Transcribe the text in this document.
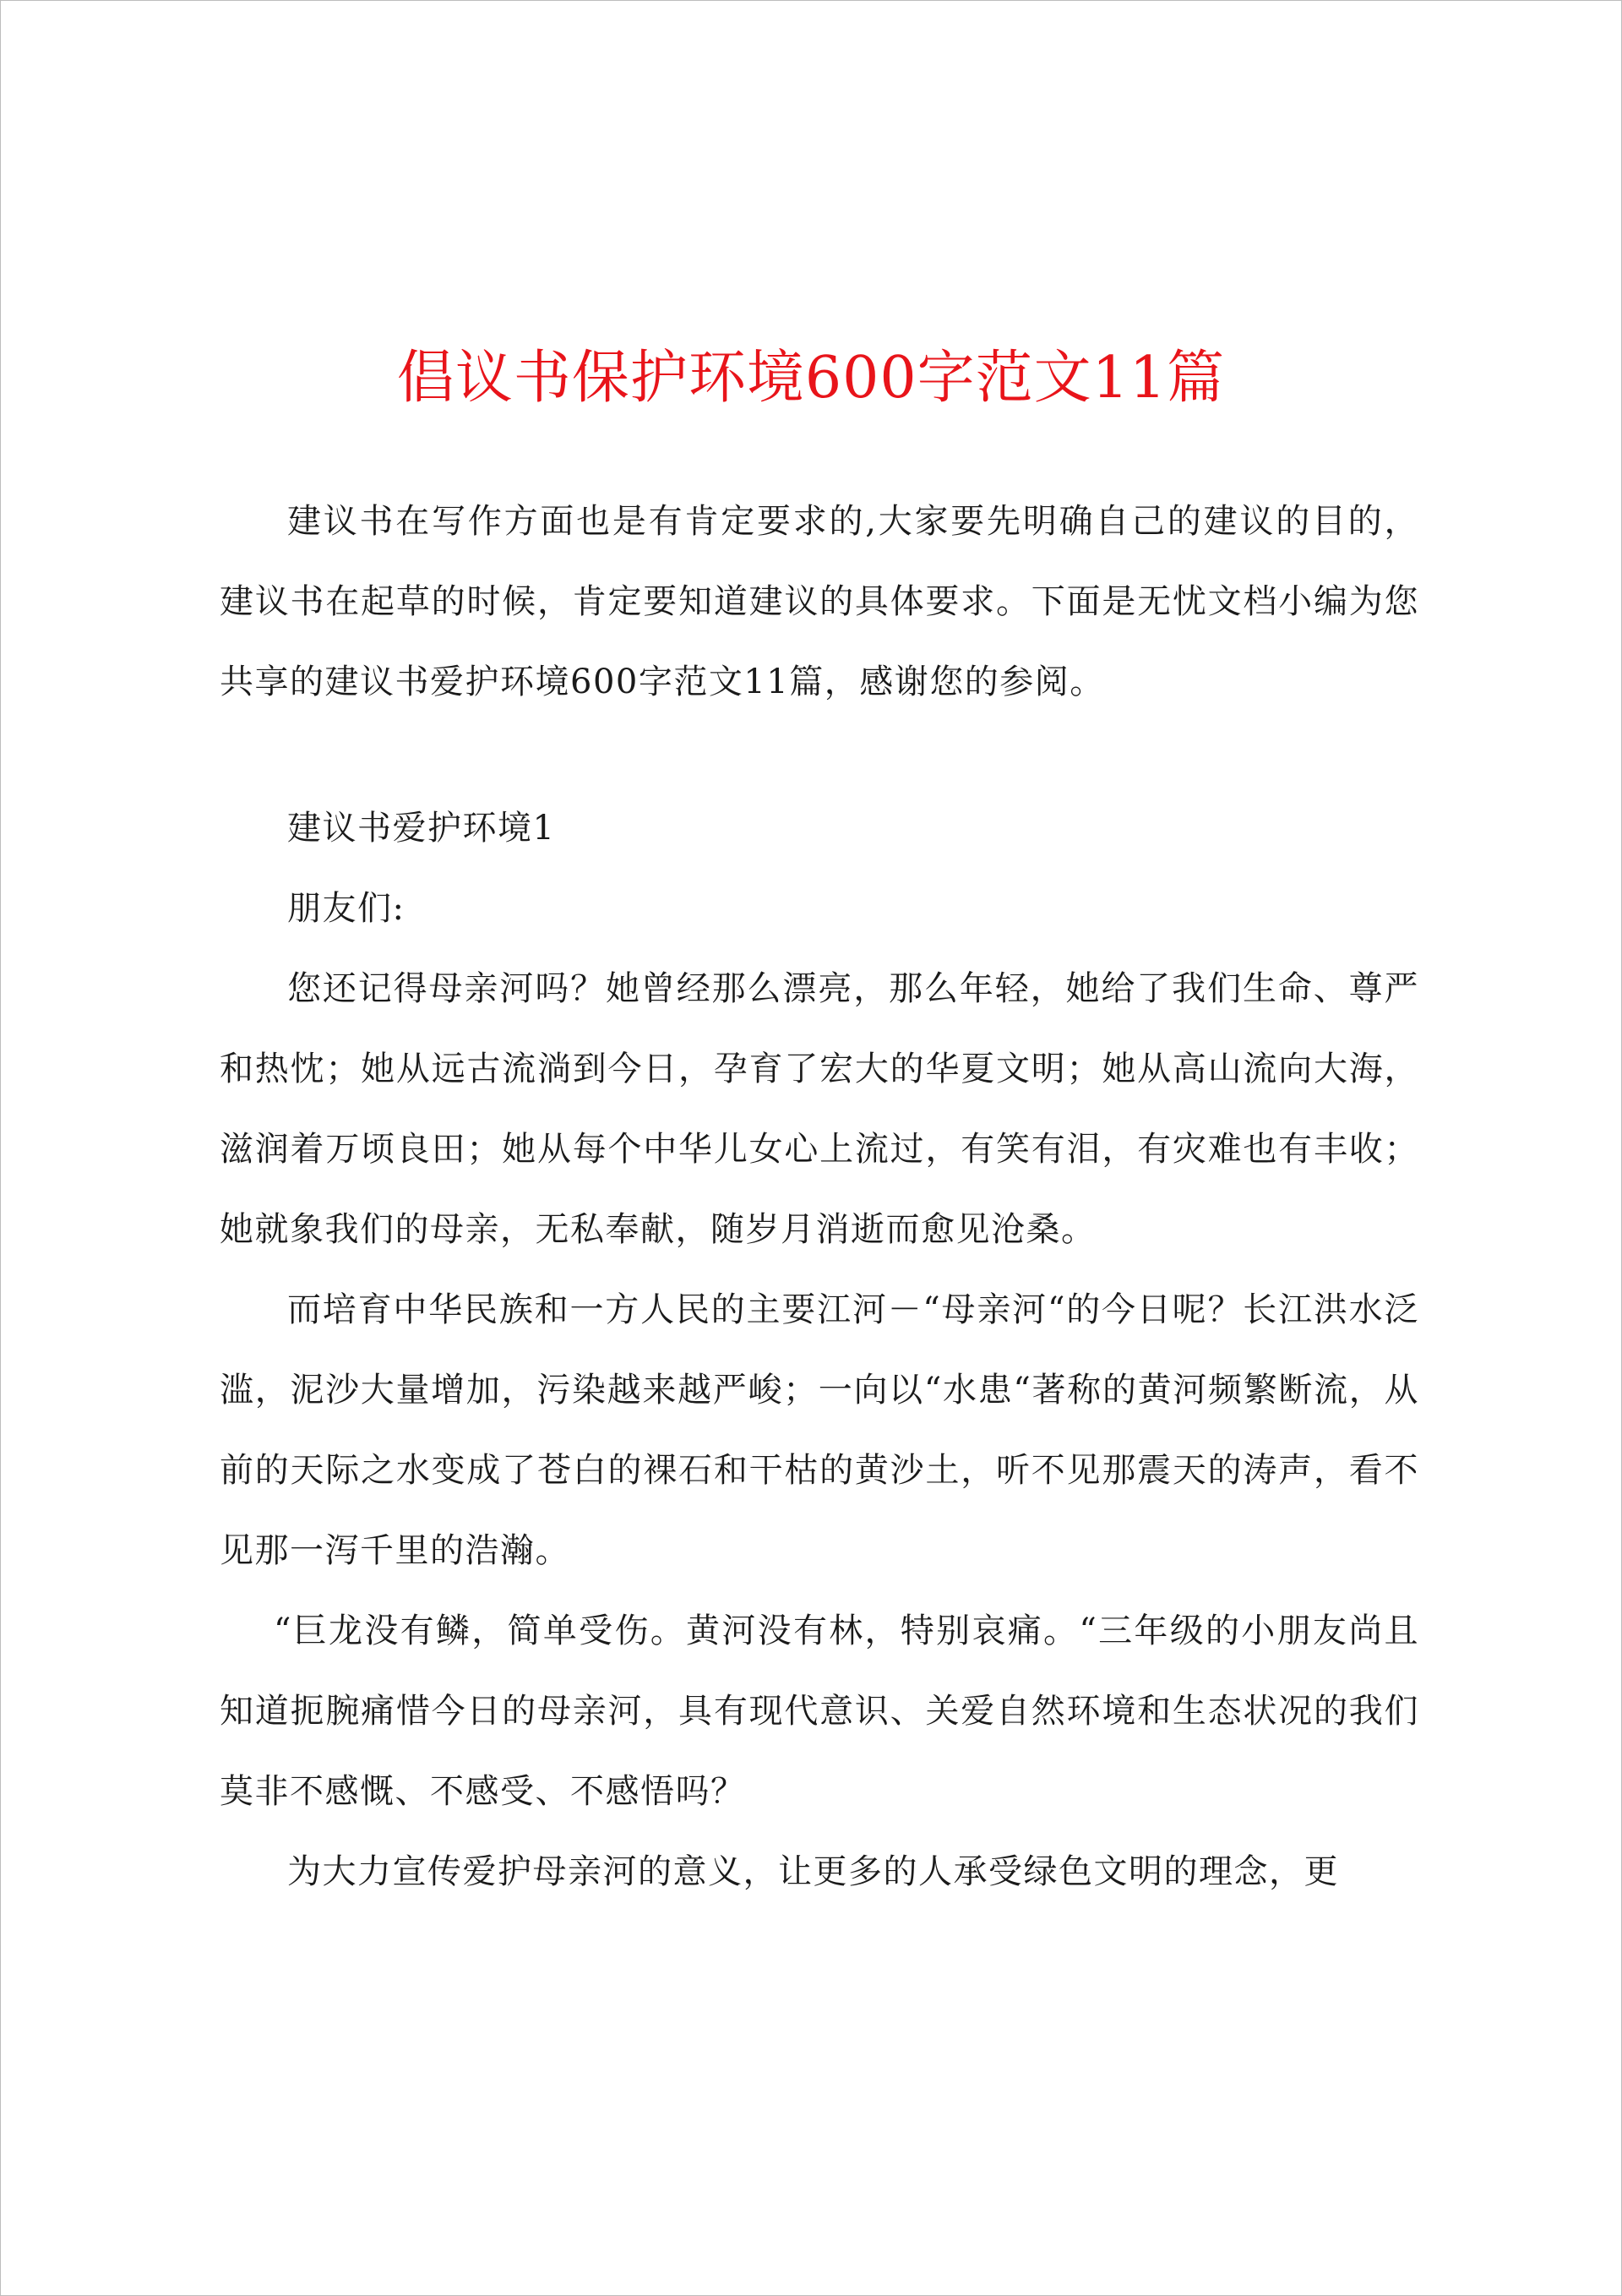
倡议书保护环境600字范文11篇

建议书在写作方面也是有肯定要求的,大家要先明确自己的建议的目的，建议书在起草的时候，肯定要知道建议的具体要求。下面是无忧文档小编为您共享的建议书爱护环境600字范文11篇，感谢您的参阅。

建议书爱护环境1

朋友们:

您还记得母亲河吗？她曾经那么漂亮，那么年轻，她给了我们生命、尊严和热忱；她从远古流淌到今日，孕育了宏大的华夏文明；她从高山流向大海，滋润着万顷良田；她从每个中华儿女心上流过，有笑有泪，有灾难也有丰收；她就象我们的母亲，无私奉献，随岁月消逝而愈见沧桑。

而培育中华民族和一方人民的主要江河－“母亲河“的今日呢？长江洪水泛滥，泥沙大量增加，污染越来越严峻；一向以“水患“著称的黄河频繁断流，从前的天际之水变成了苍白的裸石和干枯的黄沙土，听不见那震天的涛声，看不见那一泻千里的浩瀚。

“巨龙没有鳞，简单受伤。黄河没有林，特别哀痛。“三年级的小朋友尚且知道扼腕痛惜今日的母亲河，具有现代意识、关爱自然环境和生态状况的我们莫非不感慨、不感受、不感悟吗？

为大力宣传爱护母亲河的意义，让更多的人承受绿色文明的理念，更
